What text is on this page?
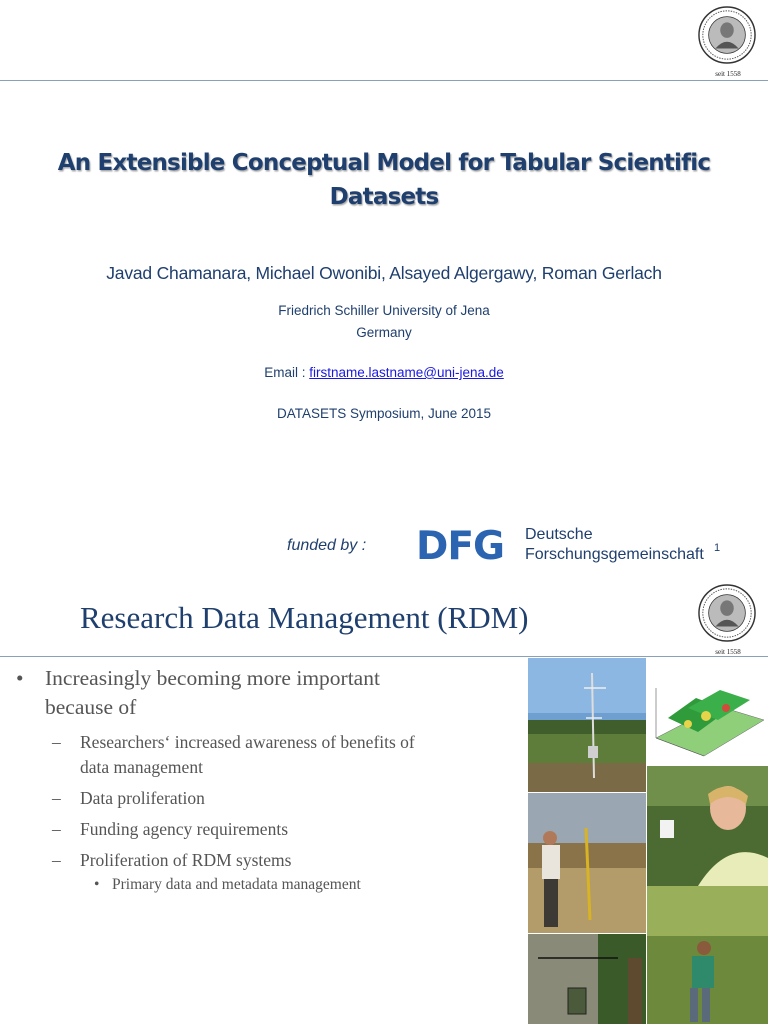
seit 1558
An Extensible Conceptual Model for Tabular Scientific
Datasets
Javad Chamanara, Michael Owonibi, Alsayed Algergawy, Roman Gerlach
Friedrich Schiller University of Jena
Germany
Email : firstname.lastname@uni-jena.de
DATASETS Symposium, June 2015
funded by : DFG Deutsche
Forschungsgemeinschaft 1
seit 1558
Research Data Management (RDM)
• Increasingly becoming more important
because of
– Researchers‘ increased awareness of benefits of
data management
– Data proliferation
– Funding agency requirements
– Proliferation of RDM systems
• Primary data and metadata management
